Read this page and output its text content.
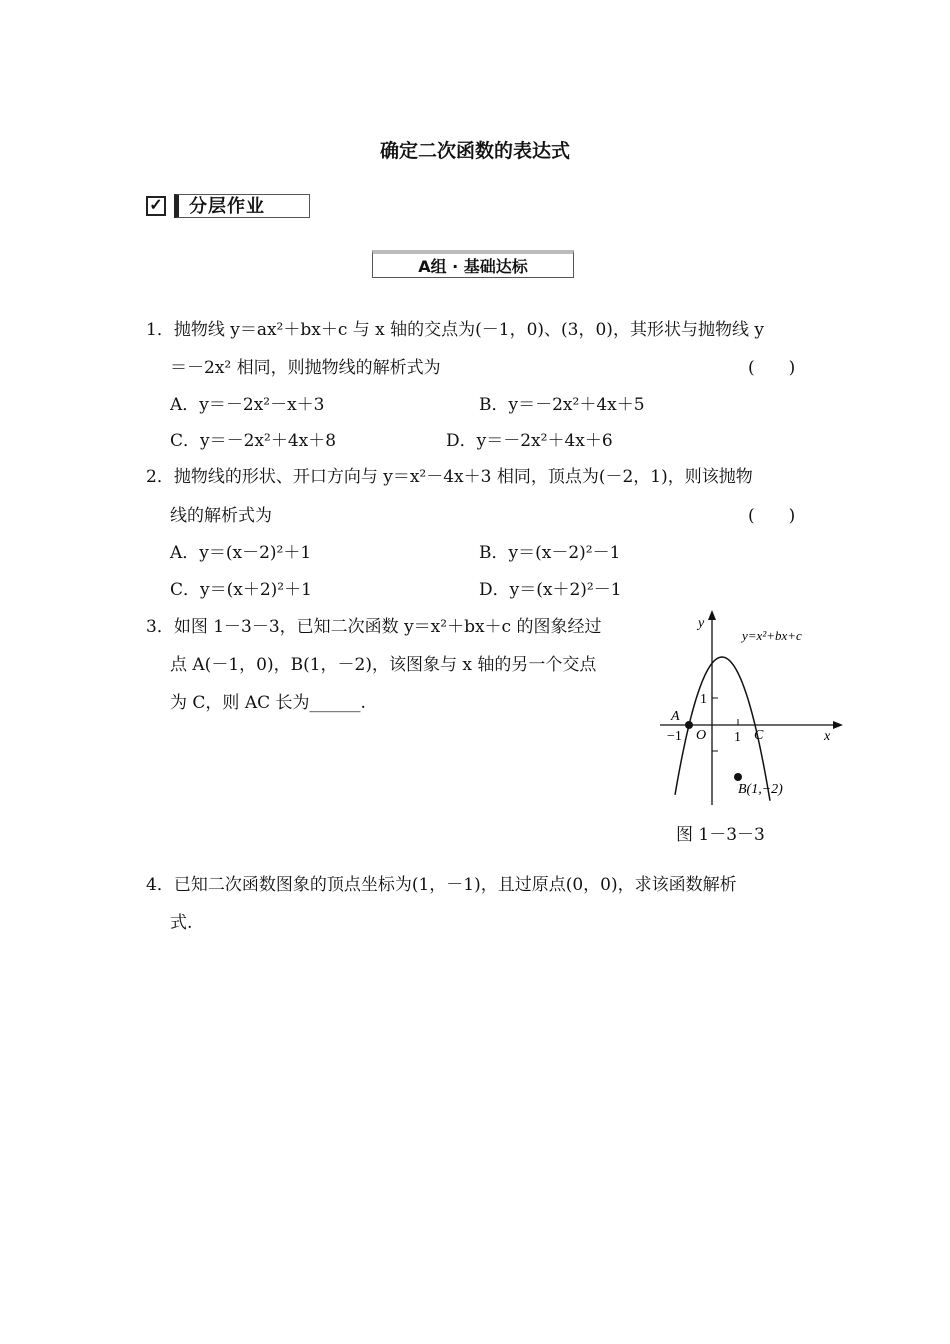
确定二次函数的表达式
✓	分层作业
A组 · 基础达标
1．抛物线 y＝ax²＋bx＋c 与 x 轴的交点为(－1，0)、(3，0)，其形状与抛物线 y
＝－2x² 相同，则抛物线的解析式为	(　　)
A．y＝－2x²－x＋3	B．y＝－2x²＋4x＋5
C．y＝－2x²＋4x＋8	D．y＝－2x²＋4x＋6
2．抛物线的形状、开口方向与 y＝x²－4x＋3 相同，顶点为(－2，1)，则该抛物
线的解析式为	(　　)
A．y＝(x－2)²＋1	B．y＝(x－2)²－1
C．y＝(x＋2)²＋1	D．y＝(x＋2)²－1
3．如图 1－3－3，已知二次函数 y＝x²＋bx＋c 的图象经过
点 A(－1，0)，B(1，－2)，该图象与 x 轴的另一个交点
为 C，则 AC 长为______.
y=x²+bx+c
y
x
A
O	C
B(1,−2)
−1	1
1
图 1－3－3
4．已知二次函数图象的顶点坐标为(1，－1)，且过原点(0，0)，求该函数解析
式.
